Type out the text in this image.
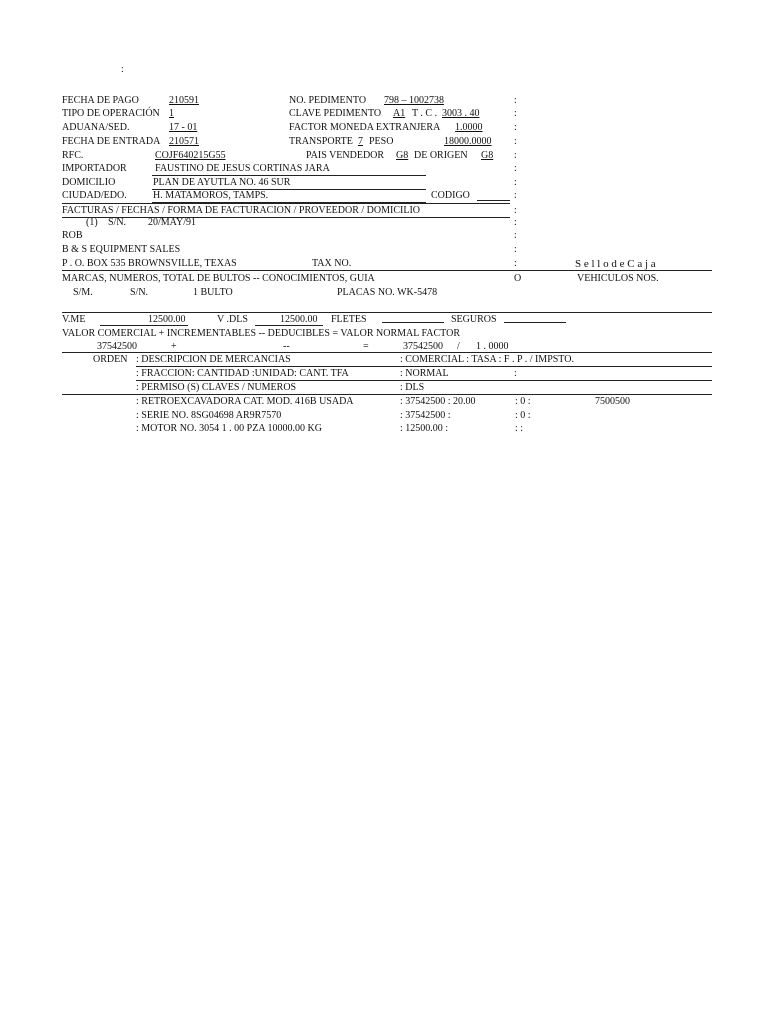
:
FECHA DE PAGO	210591	NO. PEDIMENTO 798 – 1002738	:
TIPO DE OPERACIÓN 1	CLAVE PEDIMENTO A1 T . C . 3003 . 40	:
ADUANA/SED.	17 - 01	FACTOR MONEDA EXTRANJERA 1.0000	:
FECHA DE ENTRADA 210571	TRANSPORTE 7 PESO	18000.0000 :
RFC.	COJF640215G55	PAIS VENDEDOR G8 DE ORIGEN G8 :
IMPORTADOR	FAUSTINO DE JESUS CORTINAS JARA	:
DOMICILIO	PLAN DE AYUTLA NO. 46 SUR	:
CIUDAD/EDO.	H. MATAMOROS, TAMPS.	CODIGO	:
FACTURAS / FECHAS / FORMA DE FACTURACION / PROVEEDOR / DOMICILIO	:
(1) S/N. 20/MAY/91	:
ROB	:
B & S EQUIPMENT SALES	:
P . O. BOX 535 BROWNSVILLE, TEXAS	TAX NO.	:	S e l l o d e C a j a
MARCAS, NUMEROS, TOTAL DE BULTOS -- CONOCIMIENTOS, GUIA	O	VEHICULOS NOS.
S/M.	S/N.	1 BULTO	PLACAS NO. WK-5478
V.ME	12500.00	V .DLS	12500.00 FLETES	SEGUROS
VALOR COMERCIAL + INCREMENTABLES -- DEDUCIBLES = VALOR NORMAL FACTOR
37542500	+	--	=	37542500 / 1 . 0000
ORDEN : DESCRIPCION DE MERCANCIAS	: COMERCIAL : TASA : F . P . / IMPSTO.
: FRACCION: CANTIDAD :UNIDAD: CANT. TFA	: NORMAL	:
: PERMISO (S) CLAVES / NUMEROS	: DLS
: RETROEXCAVADORA CAT. MOD. 416B USADA	: 37542500 : 20.00	: 0 :	7500500
: SERIE NO. 8SG04698 AR9R7570	: 37542500 :	: 0 :
: MOTOR NO. 3054 1 . 00 PZA 10000.00 KG	: 12500.00 :	: :
